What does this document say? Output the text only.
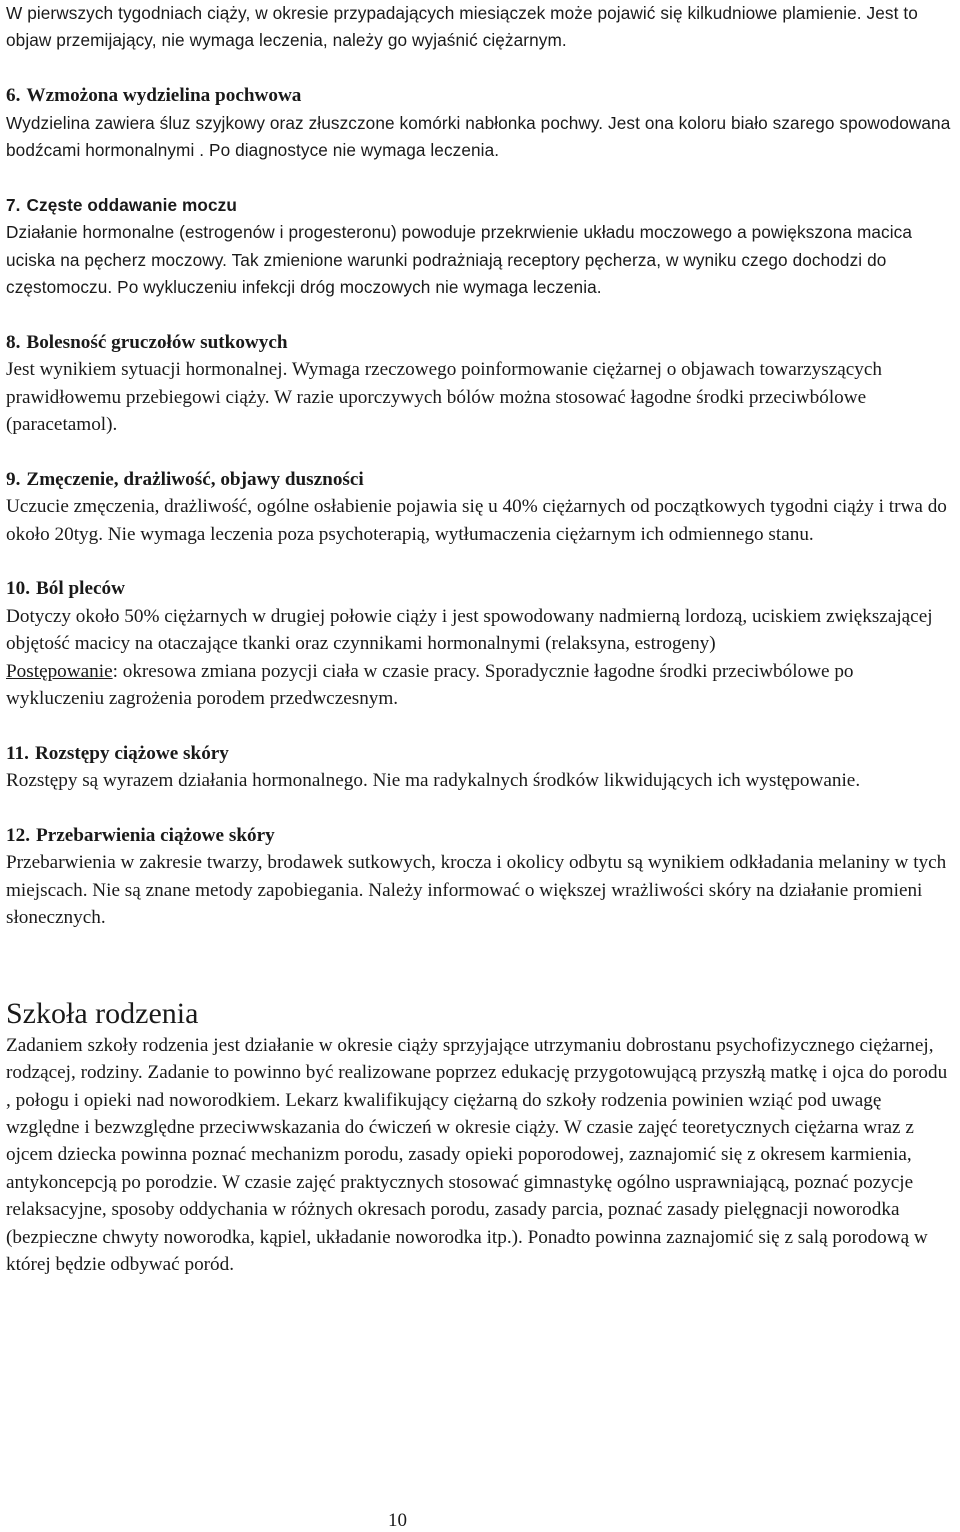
W pierwszych tygodniach ciąży, w okresie przypadających miesiączek może pojawić się kilkudniowe plamienie. Jest to objaw przemijający, nie wymaga leczenia, należy go wyjaśnić ciężarnym.

6. Wzmożona wydzielina pochwowa

Wydzielina zawiera śluz szyjkowy oraz złuszczone komórki nabłonka pochwy. Jest ona koloru biało szarego spowodowana bodźcami hormonalnymi . Po diagnostyce nie wymaga leczenia.

7. Częste oddawanie moczu

Działanie hormonalne (estrogenów i progesteronu) powoduje przekrwienie układu moczowego a powiększona macica uciska na pęcherz moczowy. Tak zmienione warunki podrażniają receptory pęcherza, w wyniku czego dochodzi do częstomoczu. Po wykluczeniu infekcji dróg moczowych nie wymaga leczenia.

8. Bolesność gruczołów sutkowych

Jest wynikiem sytuacji hormonalnej. Wymaga rzeczowego poinformowanie ciężarnej o objawach towarzyszących prawidłowemu przebiegowi ciąży. W razie uporczywych bólów można stosować łagodne środki przeciwbólowe (paracetamol).

9. Zmęczenie, drażliwość, objawy duszności

Uczucie zmęczenia, drażliwość, ogólne osłabienie pojawia się u 40% ciężarnych od początkowych tygodni ciąży i trwa do około 20tyg. Nie wymaga leczenia poza psychoterapią, wytłumaczenia ciężarnym ich odmiennego stanu.

10. Ból pleców

Dotyczy około 50% ciężarnych w drugiej połowie ciąży i jest spowodowany nadmierną lordozą, uciskiem zwiększającej objętość macicy na otaczające tkanki oraz czynnikami hormonalnymi (relaksyna, estrogeny)

Postępowanie: okresowa zmiana pozycji ciała w czasie pracy. Sporadycznie łagodne środki przeciwbólowe po wykluczeniu zagrożenia porodem przedwczesnym.

11. Rozstępy ciążowe skóry

Rozstępy są wyrazem działania hormonalnego. Nie ma radykalnych środków likwidujących ich występowanie.

12. Przebarwienia ciążowe skóry

Przebarwienia w zakresie twarzy, brodawek sutkowych, krocza i okolicy odbytu są wynikiem odkładania melaniny w tych miejscach. Nie są znane metody zapobiegania. Należy informować o większej wrażliwości skóry na działanie promieni słonecznych.

Szkoła rodzenia

Zadaniem szkoły rodzenia jest działanie w okresie ciąży sprzyjające utrzymaniu dobrostanu psychofizycznego ciężarnej, rodzącej, rodziny. Zadanie to powinno być realizowane poprzez edukację przygotowującą przyszłą matkę i ojca do porodu , połogu i opieki nad noworodkiem. Lekarz kwalifikujący ciężarną do szkoły rodzenia powinien wziąć pod uwagę względne i bezwzględne przeciwwskazania do ćwiczeń w okresie ciąży. W czasie zajęć teoretycznych ciężarna wraz z ojcem dziecka powinna poznać mechanizm porodu, zasady opieki poporodowej, zaznajomić się z okresem karmienia, antykoncepcją po porodzie. W czasie zajęć praktycznych stosować gimnastykę ogólno usprawniającą, poznać pozycje relaksacyjne, sposoby oddychania w różnych okresach porodu, zasady parcia, poznać zasady pielęgnacji noworodka (bezpieczne chwyty noworodka, kąpiel, układanie noworodka itp.). Ponadto powinna zaznajomić się z salą porodową w której będzie odbywać poród.

10
